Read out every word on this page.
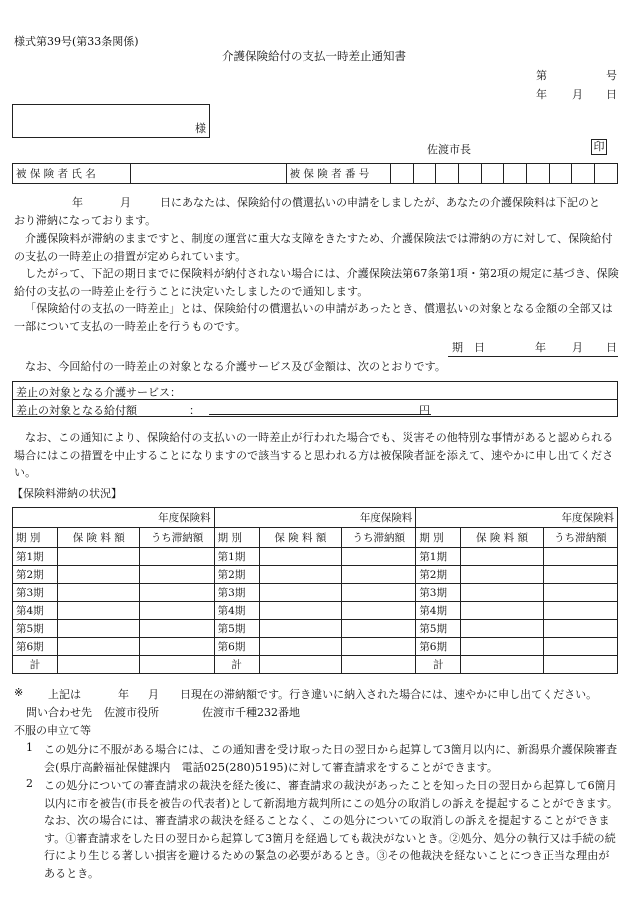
様式第39号(第33条関係)
介護保険給付の支払一時差止通知書
第	号
年 月 日
様
佐渡市長	印
被 保 険 者 氏 名		被 保 険 者 番 号										
年	月	日にあなたは、保険給付の償還払いの申請をしましたが、あなたの介護保険料は下記のと
おり滞納になっております。
介護保険料が滞納のままですと、制度の運営に重大な支障をきたすため、介護保険法では滞納の方に対して、保険給付の支払の一時差止の措置が定められています。
したがって、下記の期日までに保険料が納付されない場合には、介護保険法第67条第1項・第2項の規定に基づき、保険給付の支払の一時差止を行うことに決定いたしましたので通知します。
「保険給付の支払の一時差止」とは、保険給付の償還払いの申請があったとき、償還払いの対象となる金額の全部又は一部について支払の一時差止を行うものです。
期　日	年 月 日
なお、今回給付の一時差止の対象となる介護サービス及び金額は、次のとおりです。
差止の対象となる介護サービス：
差止の対象となる給付額	：	円
なお、この通知により、保険給付の支払いの一時差止が行われた場合でも、災害その他特別な事情があると認められる場合にはこの措置を中止することになりますので該当すると思われる方は被保険者証を添えて、速やかに申し出てください。
【保険料滞納の状況】
年度保険料			年度保険料			年度保険料		
期 別	保 険 料 額	うち滞納額	期 別	保 険 料 額	うち滞納額	期 別	保 険 料 額	うち滞納額
第1期			第1期			第1期		
第2期			第2期			第2期		
第3期			第3期			第3期		
第4期			第4期			第4期		
第5期			第5期			第5期		
第6期			第6期			第6期		
計			計			計		
※ 上記は	年 月 日現在の滞納額です。行き違いに納入された場合には、速やかに申し出てください。
問い合わせ先 佐渡市役所	佐渡市千種232番地
不服の申立て等
1 この処分に不服がある場合には、この通知書を受け取った日の翌日から起算して3箇月以内に、新潟県介護保険審査会(県庁高齢福祉保健課内　電話025(280)5195)に対して審査請求をすることができます。
2 この処分についての審査請求の裁決を経た後に、審査請求の裁決があったことを知った日の翌日から起算して6箇月以内に市を被告(市長を被告の代表者)として新潟地方裁判所にこの処分の取消しの訴えを提起することができます。なお、次の場合には、審査請求の裁決を経ることなく、この処分についての取消しの訴えを提起することができます。①審査請求をした日の翌日から起算して3箇月を経過しても裁決がないとき。②処分、処分の執行又は手続の続行により生じる著しい損害を避けるための緊急の必要があるとき。③その他裁決を経ないことにつき正当な理由があるとき。
